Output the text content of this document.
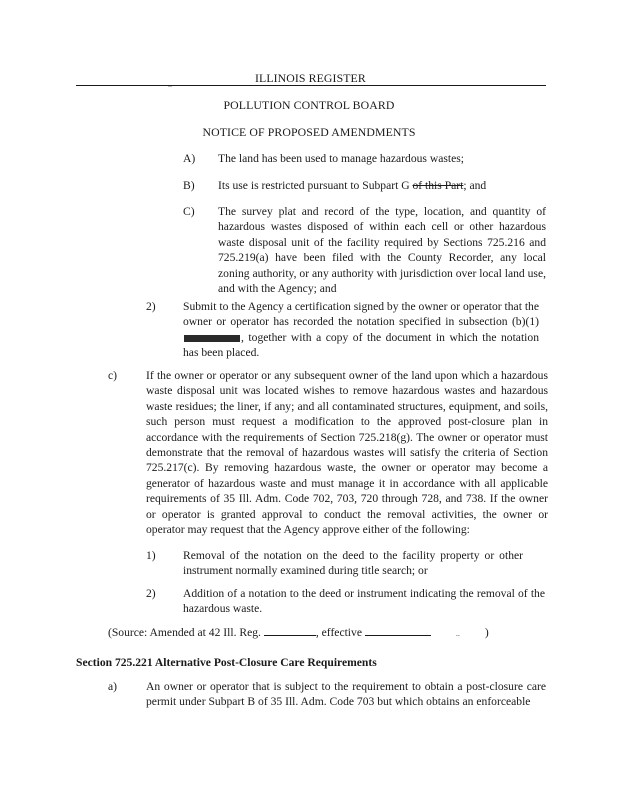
ILLINOIS REGISTER
..
POLLUTION CONTROL BOARD
NOTICE OF PROPOSED AMENDMENTS
A) The land has been used to manage hazardous wastes;
B) Its use is restricted pursuant to Subpart G of this Part; and
C) The survey plat and record of the type, location, and quantity of hazardous wastes disposed of within each cell or other hazardous waste disposal unit of the facility required by Sections 725.216 and 725.219(a) have been filed with the County Recorder, any local zoning authority, or any authority with jurisdiction over local land use, and with the Agency; and
2) Submit to the Agency a certification signed by the owner or operator that the owner or operator has recorded the notation specified in subsection (b)(1) , together with a copy of the document in which the notation has been placed.
c) If the owner or operator or any subsequent owner of the land upon which a hazardous waste disposal unit was located wishes to remove hazardous wastes and hazardous waste residues; the liner, if any; and all contaminated structures, equipment, and soils, such person must request a modification to the approved post-closure plan in accordance with the requirements of Section 725.218(g). The owner or operator must demonstrate that the removal of hazardous wastes will satisfy the criteria of Section 725.217(c). By removing hazardous waste, the owner or operator may become a generator of hazardous waste and must manage it in accordance with all applicable requirements of 35 Ill. Adm. Code 702, 703, 720 through 728, and 738. If the owner or operator is granted approval to conduct the removal activities, the owner or operator may request that the Agency approve either of the following:
1) Removal of the notation on the deed to the facility property or other instrument normally examined during title search; or
2) Addition of a notation to the deed or instrument indicating the removal of the hazardous waste.
(Source: Amended at 42 Ill. Reg.	, effective	.. )
Section 725.221 Alternative Post-Closure Care Requirements
a) An owner or operator that is subject to the requirement to obtain a post-closure care permit under Subpart B of 35 Ill. Adm. Code 703 but which obtains an enforceable
